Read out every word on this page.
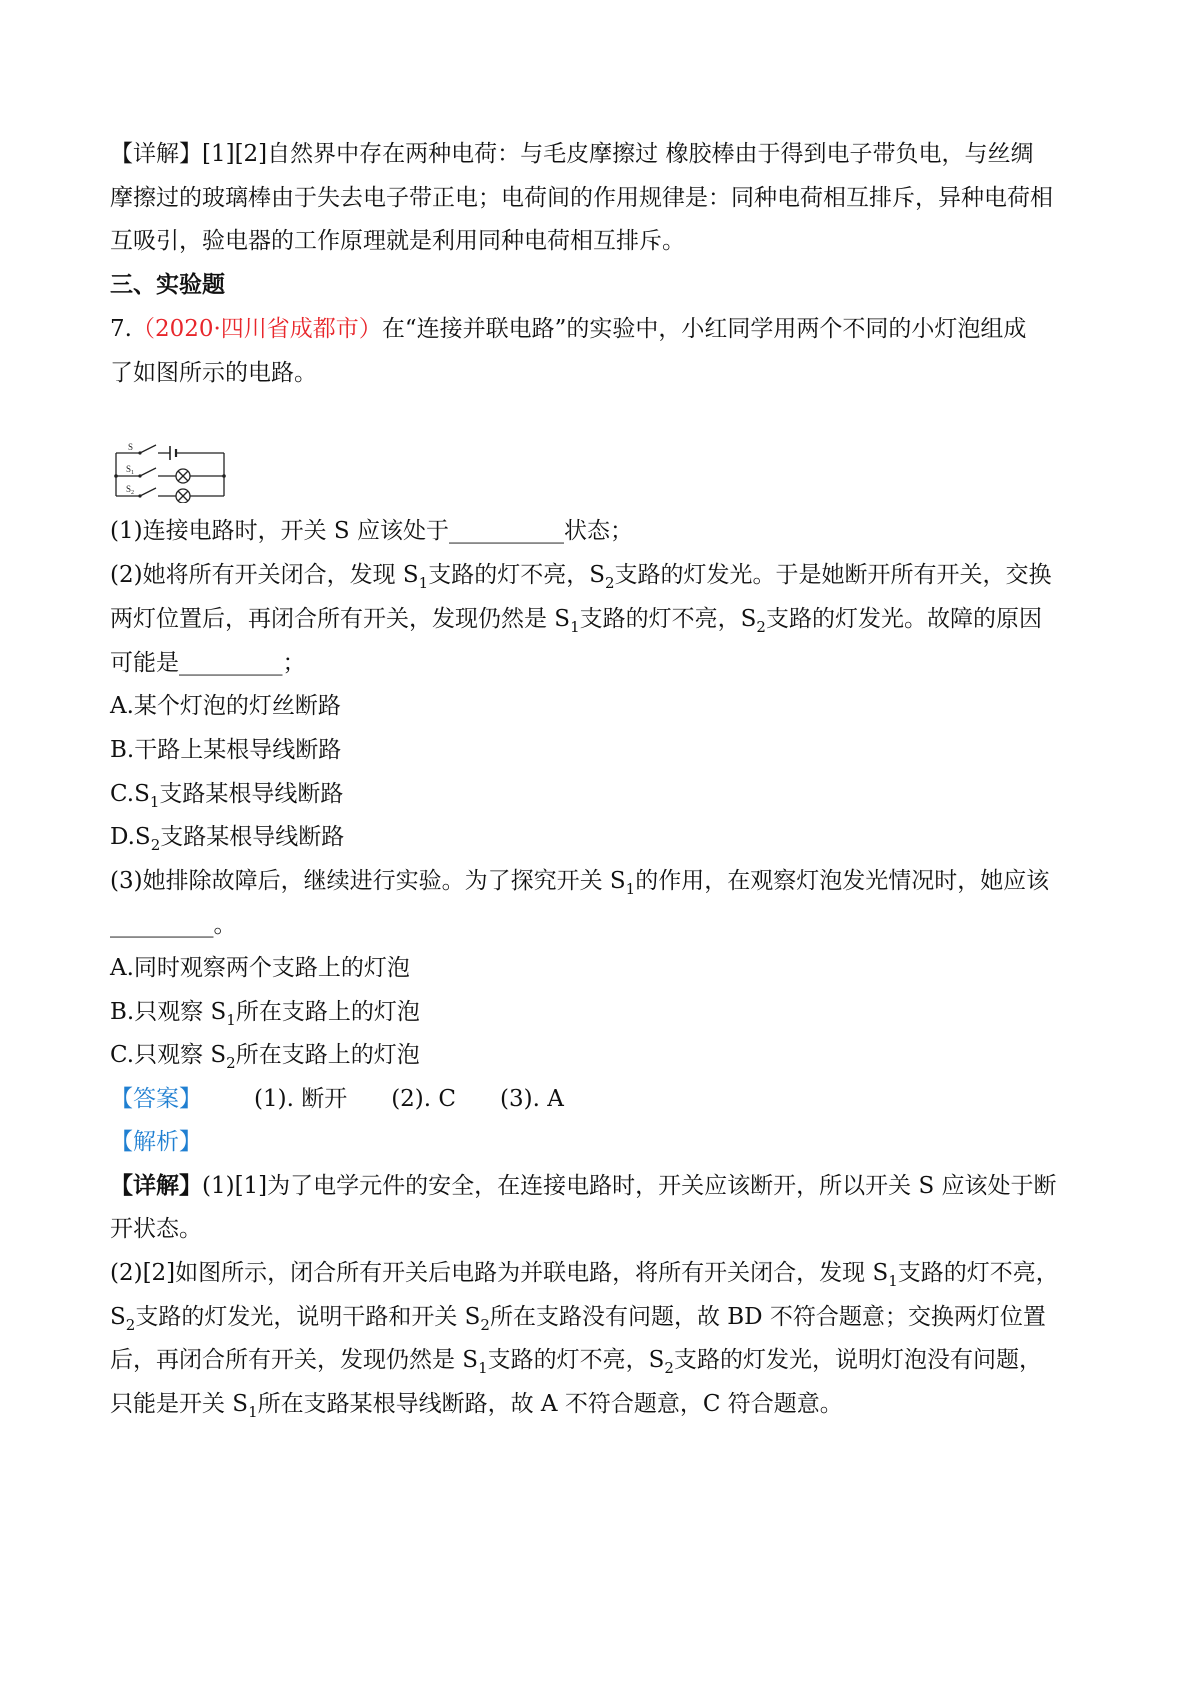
【详解】[1][2]自然界中存在两种电荷：与毛皮摩擦过 橡胶棒由于得到电子带负电，与丝绸
摩擦过的玻璃棒由于失去电子带正电；电荷间的作用规律是：同种电荷相互排斥，异种电荷相
互吸引，验电器的工作原理就是利用同种电荷相互排斥。
三、实验题
7.（2020·四川省成都市）在“连接并联电路”的实验中，小红同学用两个不同的小灯泡组成
了如图所示的电路。
S
$S_1$
$S_2$
(1)连接电路时，开关 S 应该处于__________状态；
(2)她将所有开关闭合，发现 $S_1$支路的灯不亮，$S_2$支路的灯发光。于是她断开所有开关，交换
两灯位置后，再闭合所有开关，发现仍然是 $S_1$支路的灯不亮，$S_2$支路的灯发光。故障的原因
可能是_________；
A.某个灯泡的灯丝断路
B.干路上某根导线断路
$C.S_1$支路某根导线断路
$D.S_2$支路某根导线断路
(3)她排除故障后，继续进行实验。为了探究开关 $S_1$的作用，在观察灯泡发光情况时，她应该
_________。
A.同时观察两个支路上的灯泡
B.只观察 $S_1$所在支路上的灯泡
C.只观察 $S_2$所在支路上的灯泡
【答案】 (1). 断开 (2). C (3). A
【解析】
【详解】(1)[1]为了电学元件的安全，在连接电路时，开关应该断开，所以开关 S 应该处于断
开状态。
(2)[2]如图所示，闭合所有开关后电路为并联电路，将所有开关闭合，发现 $S_1$支路的灯不亮，
$S_2$支路的灯发光，说明干路和开关 $S_2$所在支路没有问题，故 BD 不符合题意；交换两灯位置
后，再闭合所有开关，发现仍然是 $S_1$支路的灯不亮，$S_2$支路的灯发光，说明灯泡没有问题，
只能是开关 $S_1$所在支路某根导线断路，故 A 不符合题意，C 符合题意。
